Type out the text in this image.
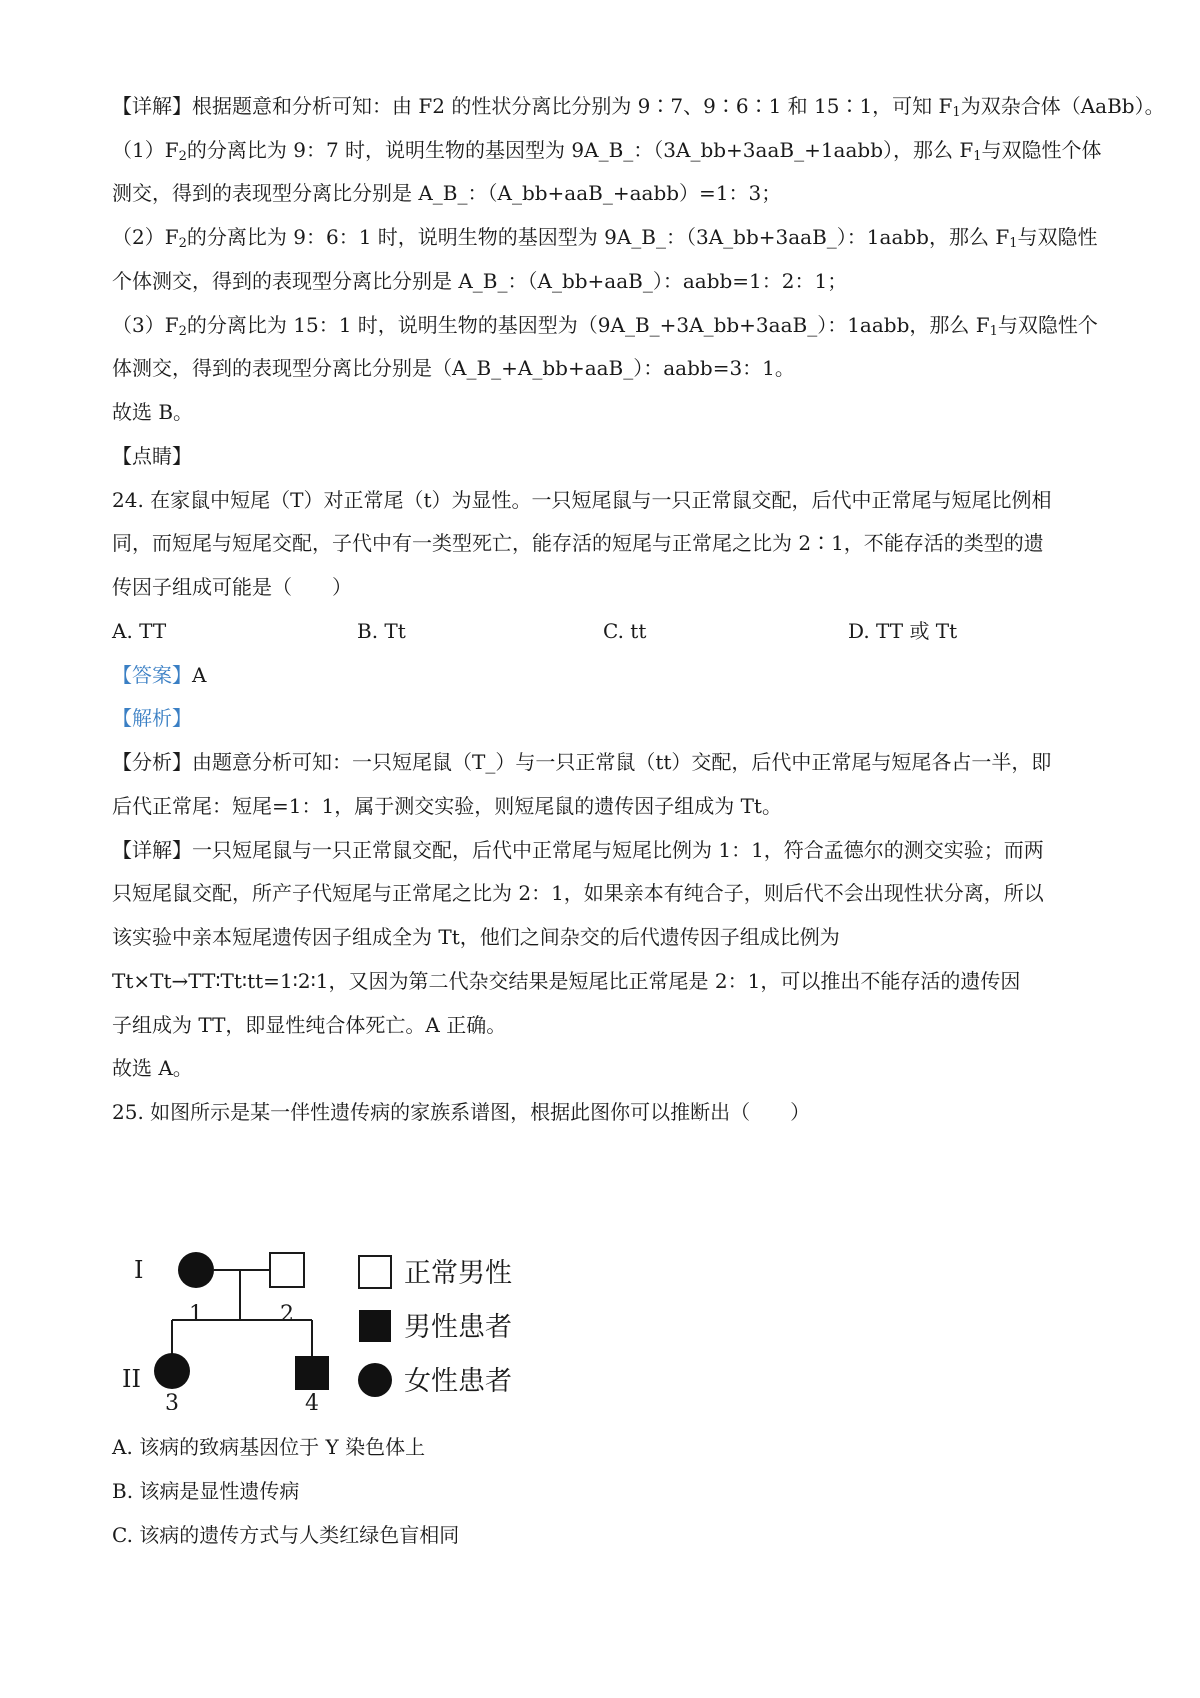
【详解】根据题意和分析可知：由 F2 的性状分离比分别为 9∶7、9∶6∶1 和 15∶1，可知 $F_1$为双杂合体（AaBb）。
$(1)F_2$的分离比为 9：7 时，说明生物的基因型为 9A_B_：（3A_bb+3aaB_+1aabb），那么 $F_1$与双隐性个体
测交，得到的表现型分离比分别是 A_B_：（A_bb+aaB_+aabb）=1：3；
$(2)F_2$的分离比为 9：6：1 时，说明生物的基因型为 9A_B_：（3A_bb+3aaB_）：1aabb，那么 $F_1$与双隐性
个体测交，得到的表现型分离比分别是 A_B_：（A_bb+aaB_）：aabb=1：2：1；
$(3)F_2$的分离比为 15：1 时，说明生物的基因型为（9A_B_+3A_bb+3aaB_）：1aabb，那么 $F_1$与双隐性个
体测交，得到的表现型分离比分别是（A_B_+A_bb+aaB_）：aabb=3：1。
故选 B。
【点睛】
24. 在家鼠中短尾（T）对正常尾（t）为显性。一只短尾鼠与一只正常鼠交配，后代中正常尾与短尾比例相
同，而短尾与短尾交配，子代中有一类型死亡，能存活的短尾与正常尾之比为 2∶1，不能存活的类型的遗
传因子组成可能是（　　）
A. TT	B. Tt	C. tt	D. TT 或 Tt
【答案】A
【解析】
【分析】由题意分析可知：一只短尾鼠（T_）与一只正常鼠（tt）交配，后代中正常尾与短尾各占一半，即
后代正常尾：短尾=1：1，属于测交实验，则短尾鼠的遗传因子组成为 Tt。
【详解】一只短尾鼠与一只正常鼠交配，后代中正常尾与短尾比例为 1：1，符合孟德尔的测交实验；而两
只短尾鼠交配，所产子代短尾与正常尾之比为 2：1，如果亲本有纯合子，则后代不会出现性状分离，所以
该实验中亲本短尾遗传因子组成全为 Tt，他们之间杂交的后代遗传因子组成比例为
Tt×Tt→TT∶Tt∶tt=1∶2∶1，又因为第二代杂交结果是短尾比正常尾是 2：1，可以推出不能存活的遗传因
子组成为 TT，即显性纯合体死亡。A 正确。
故选 A。
25. 如图所示是某一伴性遗传病的家族系谱图，根据此图你可以推断出（　　）
I
II
1	2
3	4
正常男性
男性患者
女性患者
A. 该病的致病基因位于 Y 染色体上
B. 该病是显性遗传病
C. 该病的遗传方式与人类红绿色盲相同
